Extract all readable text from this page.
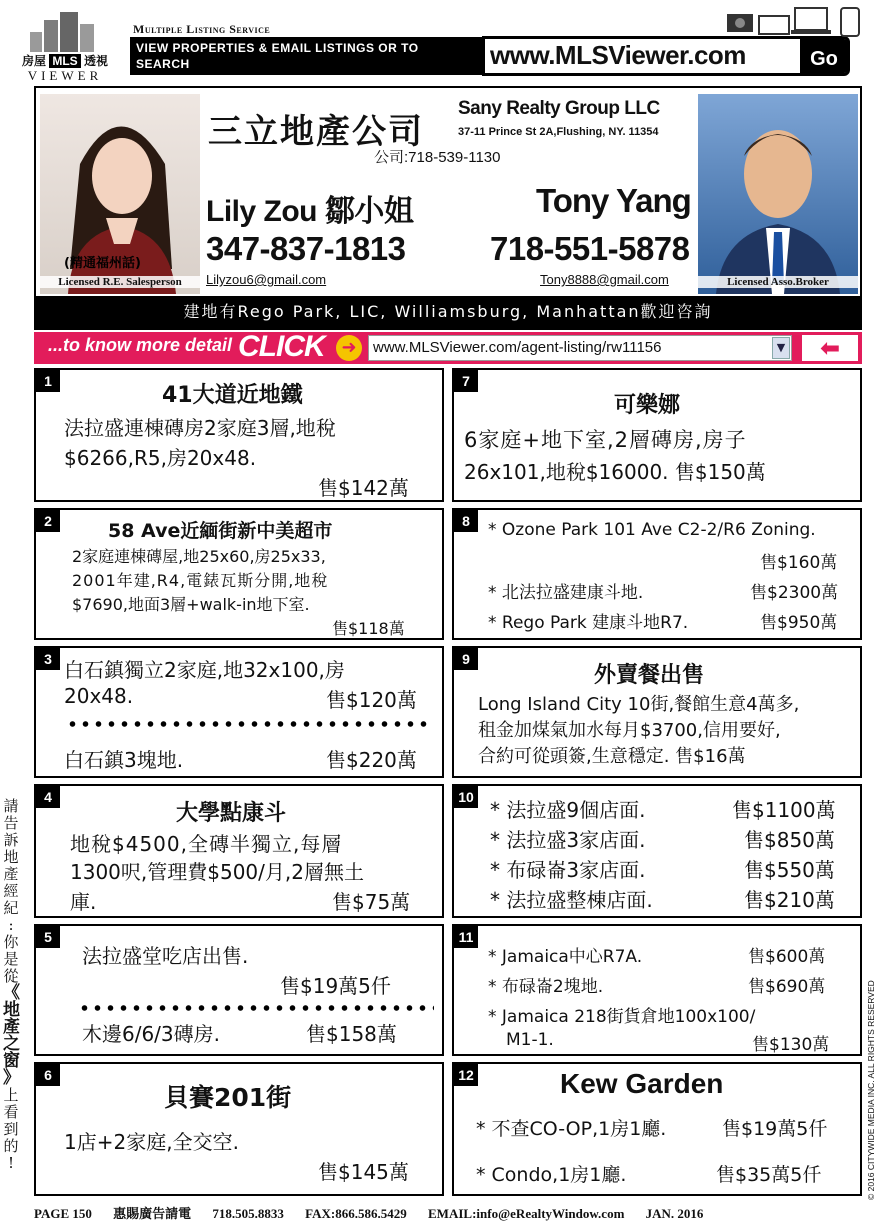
房屋 MLS 透視
VIEWER
Multiple Listing Service
VIEW PROPERTIES & EMAIL LISTINGS OR TO SEARCH
ANY SERVICE PROVIDERS 24/7 A DAY, 365 DAYS
www.MLSViewer.com	Go
(精通福州話)
Licensed R.E. Salesperson	Licensed Asso.Broker
三立地產公司
Sany Realty Group LLC
37-11 Prince St 2A,Flushing, NY. 11354
公司:718-539-1130
Lily Zou 鄒小姐
347-837-1813
Lilyzou6@gmail.com
Tony Yang
718-551-5878
Tony8888@gmail.com
建地有Rego Park, LIC, Williamsburg, Manhattan歡迎咨詢
...to know more detail CLICK ➜	www.MLSViewer.com/agent-listing/rw11156	▼	⬅
1
41大道近地鐵
法拉盛連棟磚房2家庭3層,地稅
$6266,R5,房20x48.
售$142萬
7
可樂娜
6家庭+地下室,2層磚房,房子
26x101,地稅$16000. 售$150萬
2	58 Ave近緬街新中美超市
2家庭連棟磚屋,地25x60,房25x33,
2001年建,R4,電錶瓦斯分開,地稅
$7690,地面3層+walk-in地下室.
售$118萬
8	* Ozone Park 101 Ave C2-2/R6 Zoning.
售$160萬
* 北法拉盛建康斗地.	售$2300萬
* Rego Park 建康斗地R7.	售$950萬
3 白石鎮獨立2家庭,地32x100,房
20x48.	售$120萬
白石鎮3塊地.	售$220萬
9
外賣餐出售
Long Island City 10街,餐館生意4萬多,
租金加煤氣加水每月$3700,信用要好,
合約可從頭簽,生意穩定. 售$16萬
4
大學點康斗
地稅$4500,全磚半獨立,每層
1300呎,管理費$500/月,2層無土
庫.	售$75萬
10
* 法拉盛9個店面.	售$1100萬
* 法拉盛3家店面.	售$850萬
* 布碌崙3家店面.	售$550萬
* 法拉盛整棟店面.	售$210萬
5
法拉盛堂吃店出售.
售$19萬5仟
木邊6/6/3磚房.	售$158萬
11
* Jamaica中心R7A.	售$600萬
* 布碌崙2塊地.	售$690萬
* Jamaica 218街貨倉地100x100/
M1-1.	售$130萬
6
貝賽201街
1店+2家庭,全交空.
售$145萬
12	Kew Garden
* 不查CO-OP,1房1廳.	售$19萬5仟
* Condo,1房1廳.	售$35萬5仟
請
告
訴
地
產
經
紀
:
你
是
從
《
地
產
之
窗
》
上
看
到
的
!	© 2016 CITYWIDE MEDIA INC. ALL RIGHTS RESERVED
PAGE 150 惠賜廣告請電 718.505.8833 FAX:866.586.5429 EMAIL:info@eRealtyWindow.com JAN. 2016
